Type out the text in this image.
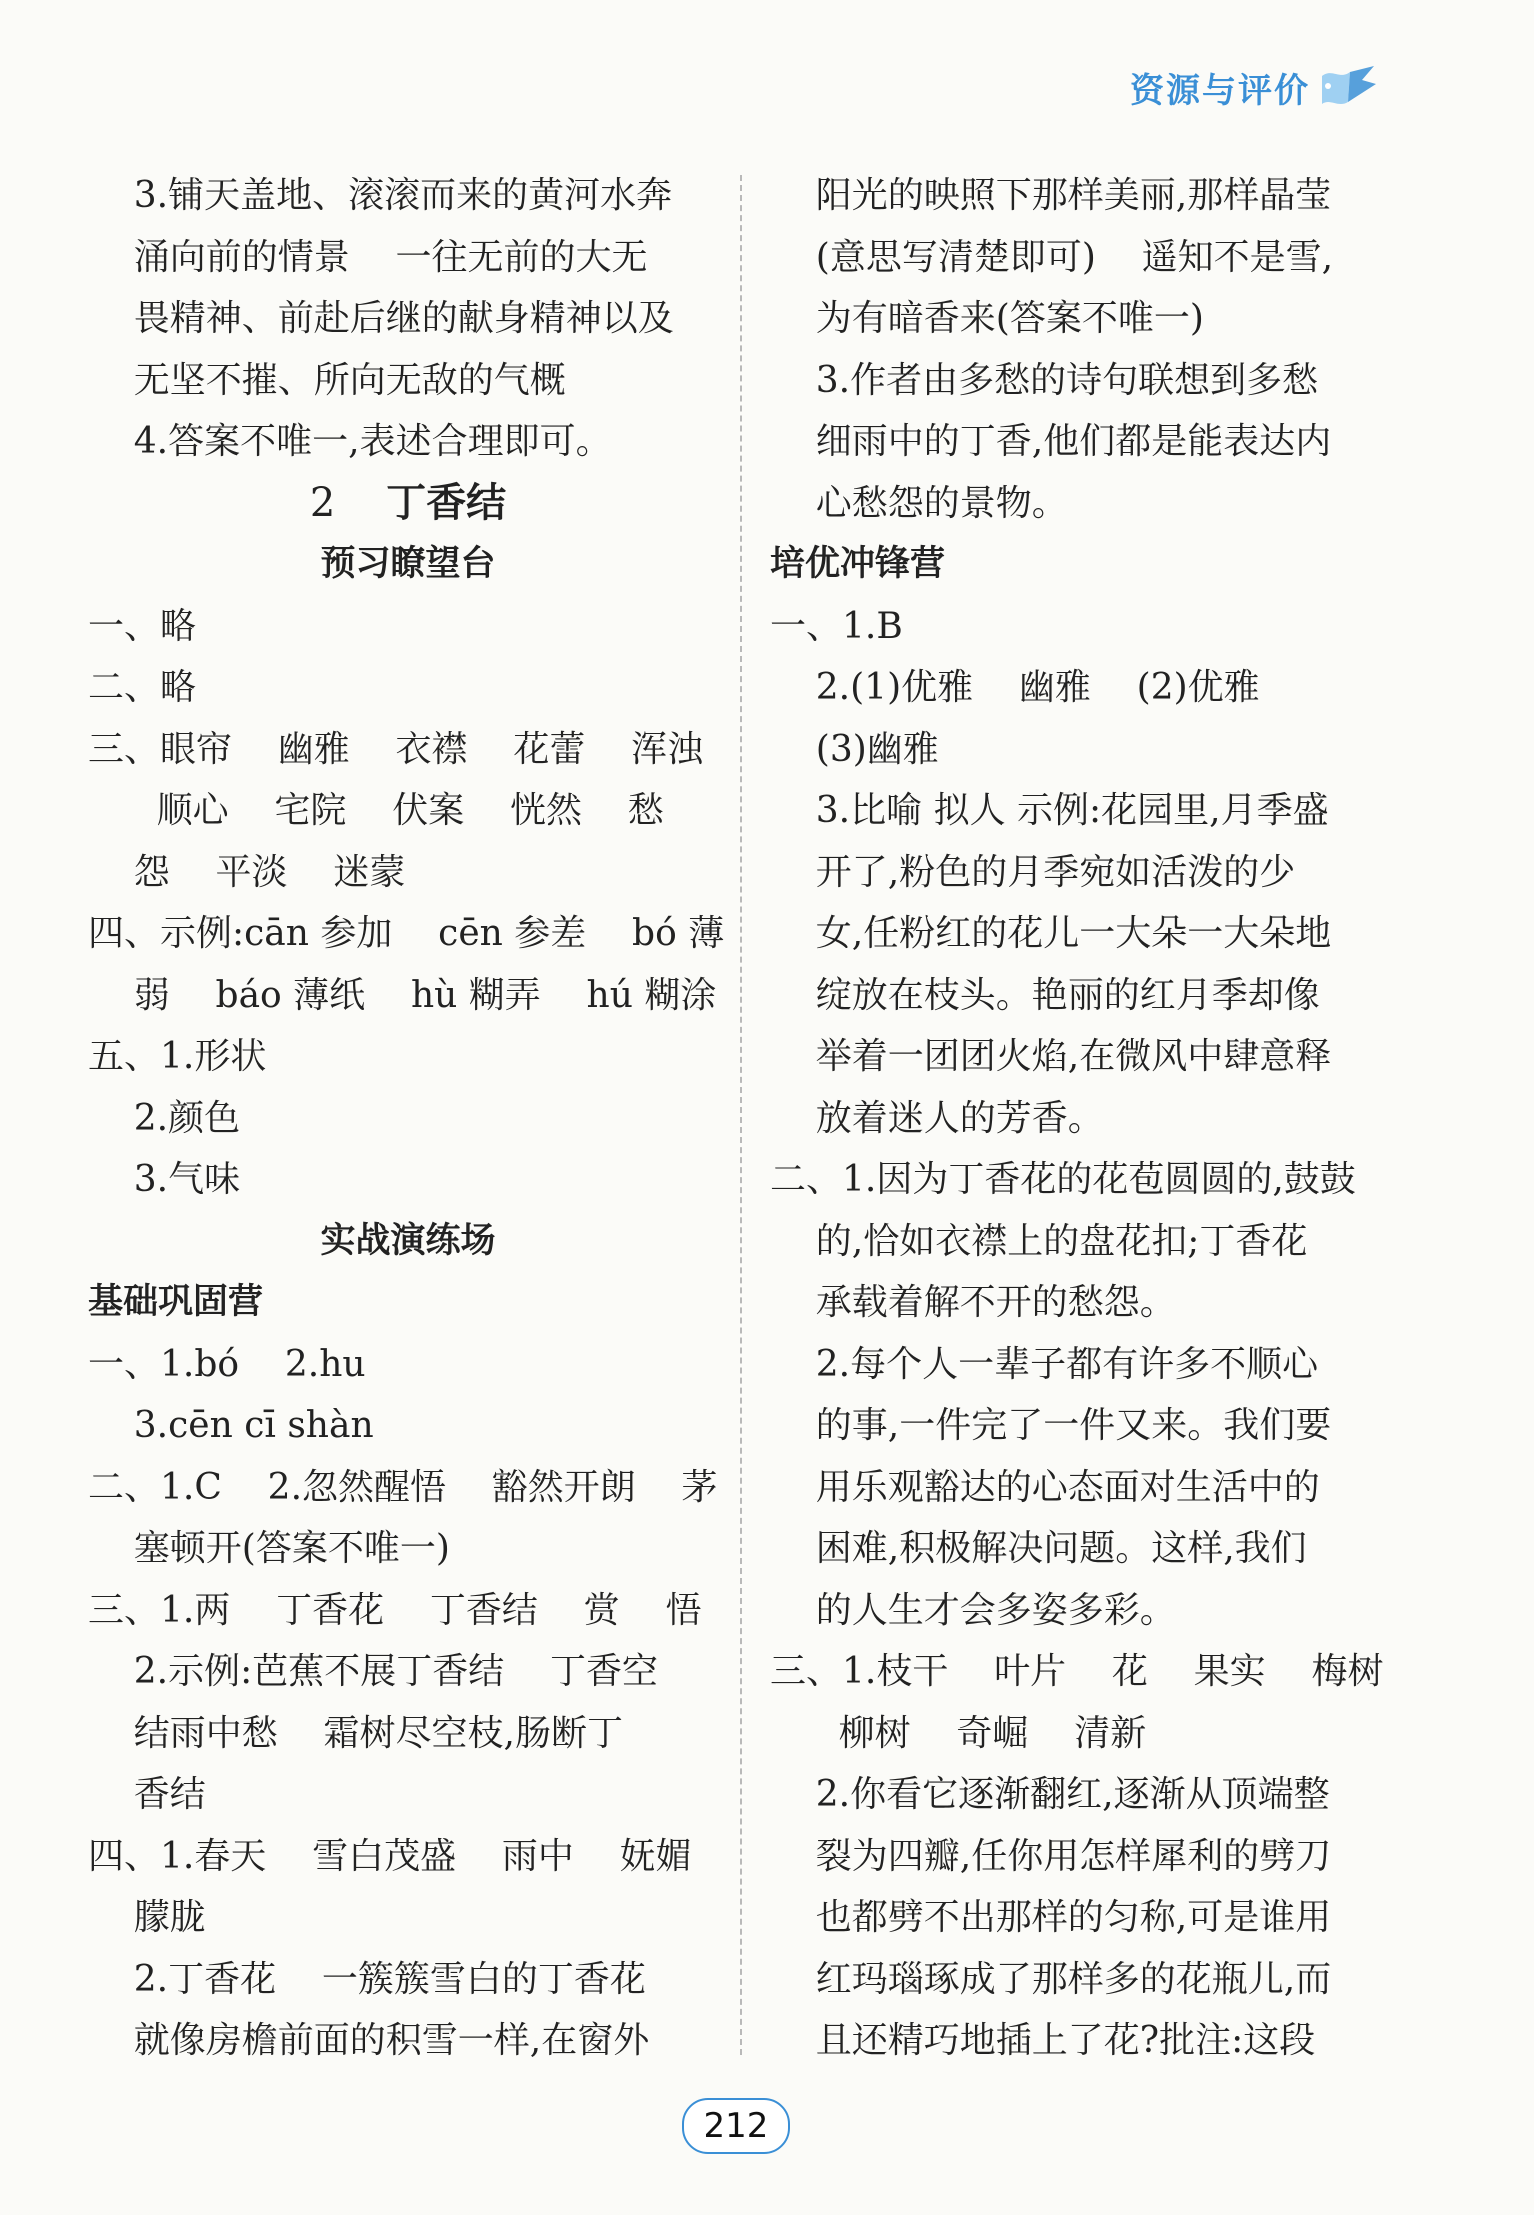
资源与评价
3.铺天盖地、滚滚而来的黄河水奔
涌向前的情景    一往无前的大无
畏精神、前赴后继的献身精神以及
无坚不摧、所向无敌的气概
4.答案不唯一,表述合理即可。
2 丁香结
预习瞭望台
一、略
二、略
三、眼帘    幽雅    衣襟    花蕾    浑浊
顺心    宅院    伏案    恍然    愁
怨    平淡    迷蒙
四、示例:cān 参加    cēn 参差    bó 薄
弱    báo 薄纸    hù 糊弄    hú 糊涂
五、1.形状
2.颜色
3.气味
实战演练场
基础巩固营
一、1.bó    2.hu
3.cēn cī shàn
二、1.C    2.忽然醒悟    豁然开朗    茅
塞顿开(答案不唯一)
三、1.两    丁香花    丁香结    赏    悟
2.示例:芭蕉不展丁香结    丁香空
结雨中愁    霜树尽空枝,肠断丁
香结
四、1.春天    雪白茂盛    雨中    妩媚
朦胧
2.丁香花    一簇簇雪白的丁香花
就像房檐前面的积雪一样,在窗外
阳光的映照下那样美丽,那样晶莹
(意思写清楚即可)    遥知不是雪,
为有暗香来(答案不唯一)
3.作者由多愁的诗句联想到多愁
细雨中的丁香,他们都是能表达内
心愁怨的景物。
培优冲锋营
一、1.B
2.(1)优雅    幽雅    (2)优雅
(3)幽雅
3.比喻 拟人 示例:花园里,月季盛
开了,粉色的月季宛如活泼的少
女,任粉红的花儿一大朵一大朵地
绽放在枝头。艳丽的红月季却像
举着一团团火焰,在微风中肆意释
放着迷人的芳香。
二、1.因为丁香花的花苞圆圆的,鼓鼓
的,恰如衣襟上的盘花扣;丁香花
承载着解不开的愁怨。
2.每个人一辈子都有许多不顺心
的事,一件完了一件又来。我们要
用乐观豁达的心态面对生活中的
困难,积极解决问题。这样,我们
的人生才会多姿多彩。
三、1.枝干    叶片    花    果实    梅树
柳树    奇崛    清新
2.你看它逐渐翻红,逐渐从顶端整
裂为四瓣,任你用怎样犀利的劈刀
也都劈不出那样的匀称,可是谁用
红玛瑙琢成了那样多的花瓶儿,而
且还精巧地插上了花?批注:这段
212
